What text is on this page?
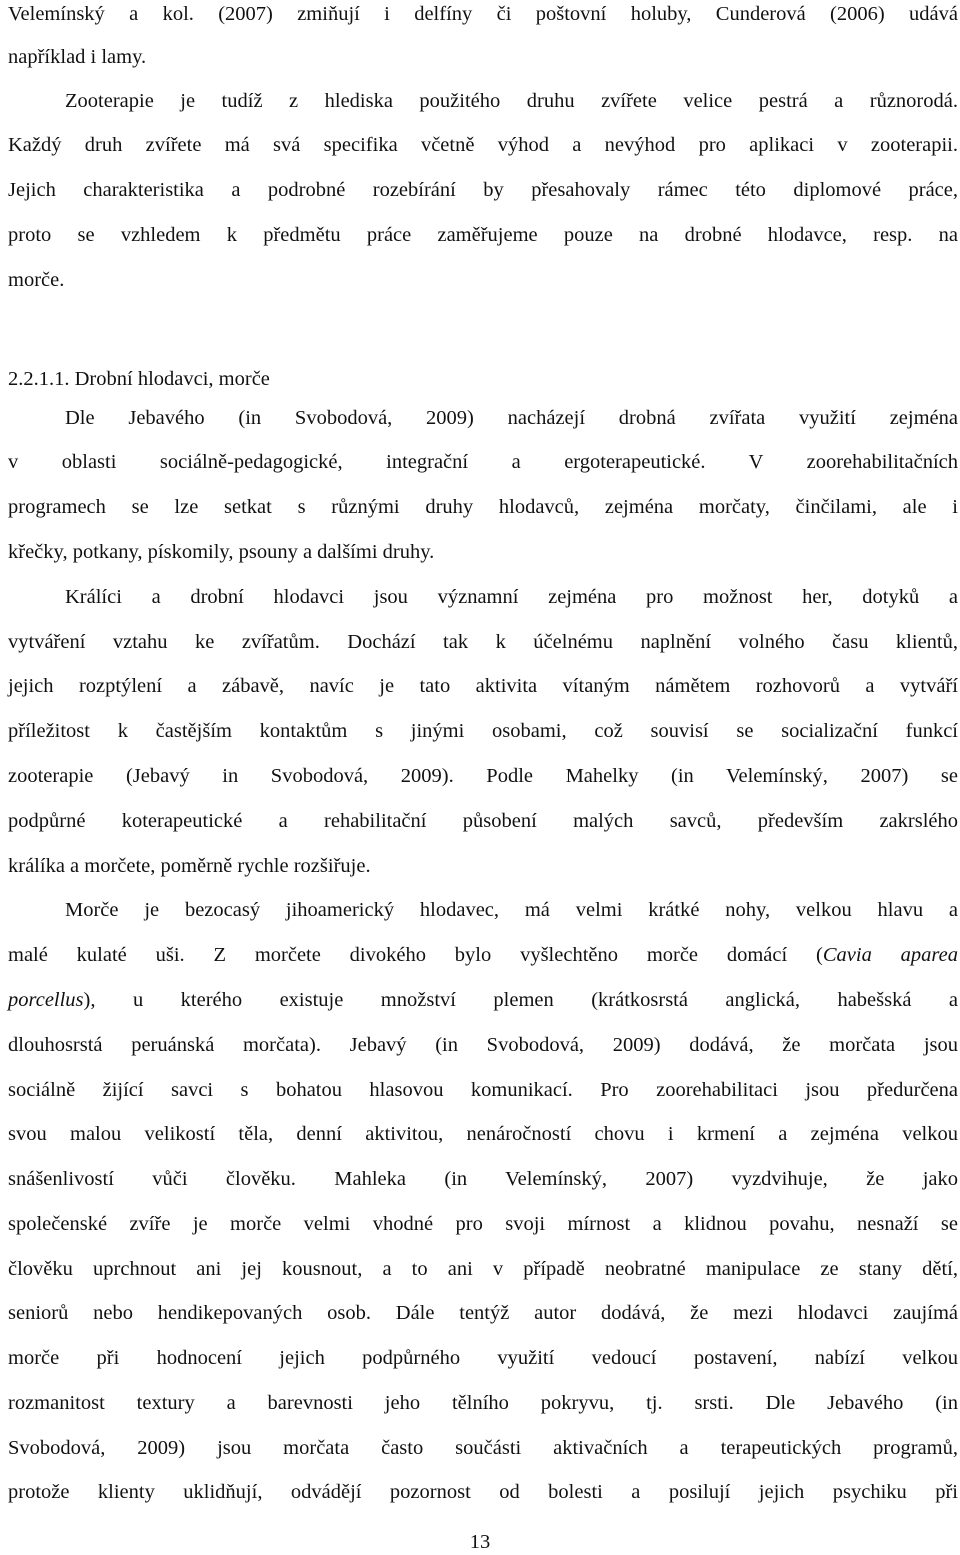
Velemínský a kol. (2007) zmiňují i delfíny či poštovní holuby, Cunderová (2006) udává
například i lamy.
Zooterapie je tudíž z hlediska použitého druhu zvířete velice pestrá a různorodá.
Každý druh zvířete má svá specifika včetně výhod a nevýhod pro aplikaci v zooterapii.
Jejich charakteristika a podrobné rozebírání by přesahovaly rámec této diplomové práce,
proto se vzhledem k předmětu práce zaměřujeme pouze na drobné hlodavce, resp. na
morče.
2.2.1.1. Drobní hlodavci, morče
Dle Jebavého (in Svobodová, 2009) nacházejí drobná zvířata využití zejména
v oblasti sociálně-pedagogické, integrační a ergoterapeutické. V zoorehabilitačních
programech se lze setkat s různými druhy hlodavců, zejména morčaty, činčilami, ale i
křečky, potkany, pískomily, psouny a dalšími druhy.
Králíci a drobní hlodavci jsou významní zejména pro možnost her, dotyků a
vytváření vztahu ke zvířatům. Dochází tak k účelnému naplnění volného času klientů,
jejich rozptýlení a zábavě, navíc je tato aktivita vítaným námětem rozhovorů a vytváří
příležitost k častějším kontaktům s jinými osobami, což souvisí se socializační funkcí
zooterapie (Jebavý in Svobodová, 2009). Podle Mahelky (in Velemínský, 2007) se
podpůrné koterapeutické a rehabilitační působení malých savců, především zakrslého
králíka a morčete, poměrně rychle rozšiřuje.
Morče je bezocasý jihoamerický hlodavec, má velmi krátké nohy, velkou hlavu a
malé kulaté uši. Z morčete divokého bylo vyšlechtěno morče domácí (Cavia aparea
porcellus), u kterého existuje množství plemen (krátkosrstá anglická, habešská a
dlouhosrstá peruánská morčata). Jebavý (in Svobodová, 2009) dodává, že morčata jsou
sociálně žijící savci s bohatou hlasovou komunikací. Pro zoorehabilitaci jsou předurčena
svou malou velikostí těla, denní aktivitou, nenáročností chovu i krmení a zejména velkou
snášenlivostí vůči člověku. Mahleka (in Velemínský, 2007) vyzdvihuje, že jako
společenské zvíře je morče velmi vhodné pro svoji mírnost a klidnou povahu, nesnaží se
člověku uprchnout ani jej kousnout, a to ani v případě neobratné manipulace ze stany dětí,
seniorů nebo hendikepovaných osob. Dále tentýž autor dodává, že mezi hlodavci zaujímá
morče při hodnocení jejich podpůrného využití vedoucí postavení, nabízí velkou
rozmanitost textury a barevnosti jeho tělního pokryvu, tj. srsti. Dle Jebavého (in
Svobodová, 2009) jsou morčata často součásti aktivačních a terapeutických programů,
protože klienty uklidňují, odvádějí pozornost od bolesti a posilují jejich psychiku při
13
